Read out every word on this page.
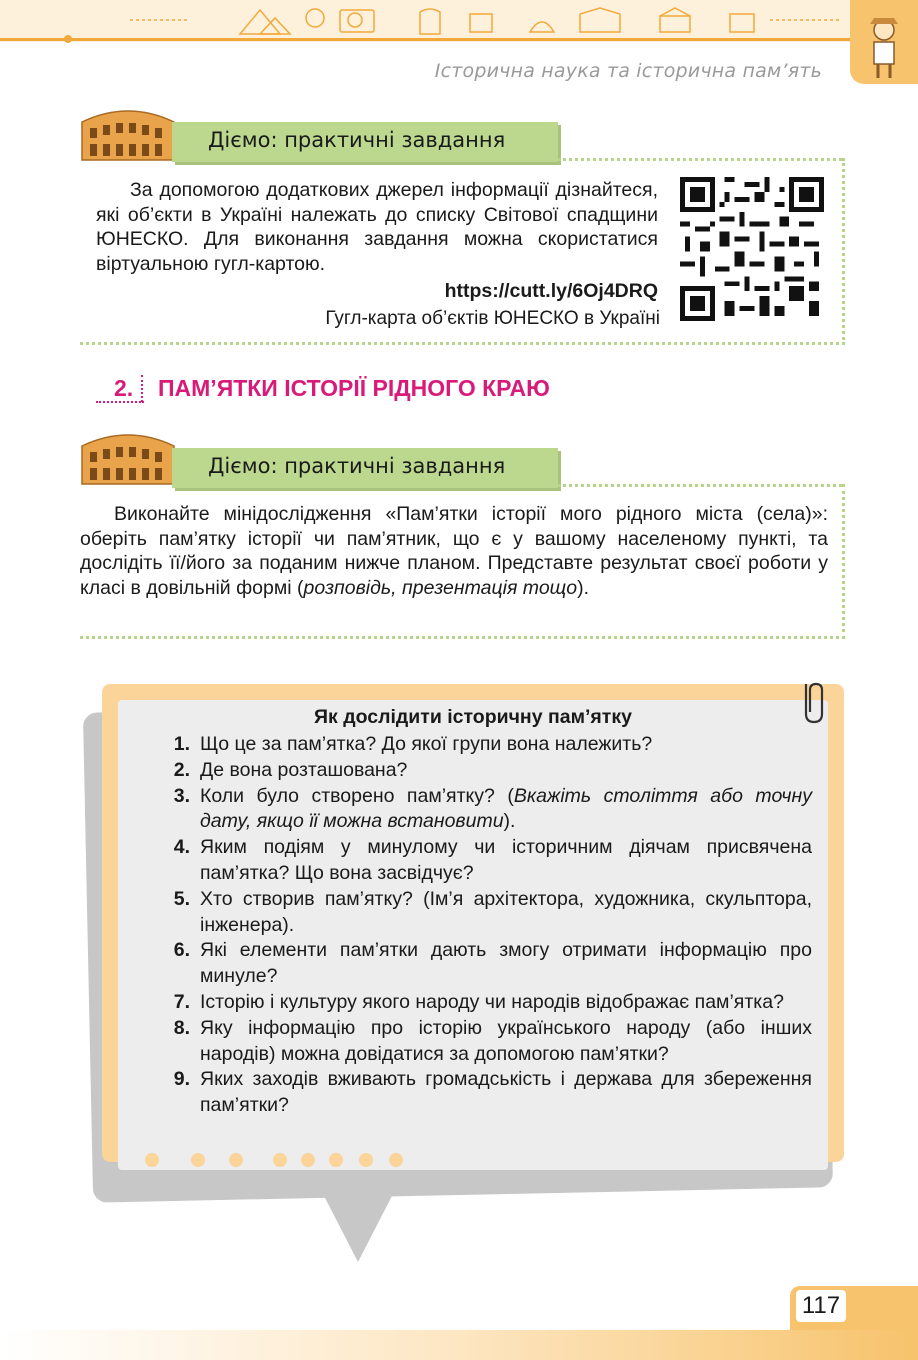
Історична наука та історична пам’ять
Діємо: практичні завдання
За допомогою додаткових джерел інформації дізнайтеся, які об’єкти в Україні належать до списку Світової спадщини ЮНЕСКО. Для виконання завдання можна скористатися віртуальною гугл-картою.
https://cutt.ly/6Oj4DRQ
Гугл-карта об’єктів ЮНЕСКО в Україні
2.	ПАМ’ЯТКИ ІСТОРІЇ РІДНОГО КРАЮ
Діємо: практичні завдання
Виконайте мінідослідження «Пам’ятки історії мого рідного міста (села)»: оберіть пам’ятку історії чи пам’ятник, що є у вашому населеному пункті, та дослідіть її/його за поданим нижче планом. Представте результат своєї роботи у класі в довільній формі (розповідь, презентація тощо).
Як дослідити історичну пам’ятку
1. Що це за пам’ятка? До якої групи вона належить?
2. Де вона розташована?
3. Коли було створено пам’ятку? (Вкажіть століття або точну дату, якщо її можна встановити).
4. Яким подіям у минулому чи історичним діячам присвячена пам’ятка? Що вона засвідчує?
5. Хто створив пам’ятку? (Ім’я архітектора, художника, скульптора, інженера).
6. Які елементи пам’ятки дають змогу отримати інформацію про минуле?
7. Історію і культуру якого народу чи народів відображає пам’ятка?
8. Яку інформацію про історію українського народу (або інших народів) можна довідатися за допомогою пам’ятки?
9. Яких заходів вживають громадськість і держава для збереження пам’ятки?
117
